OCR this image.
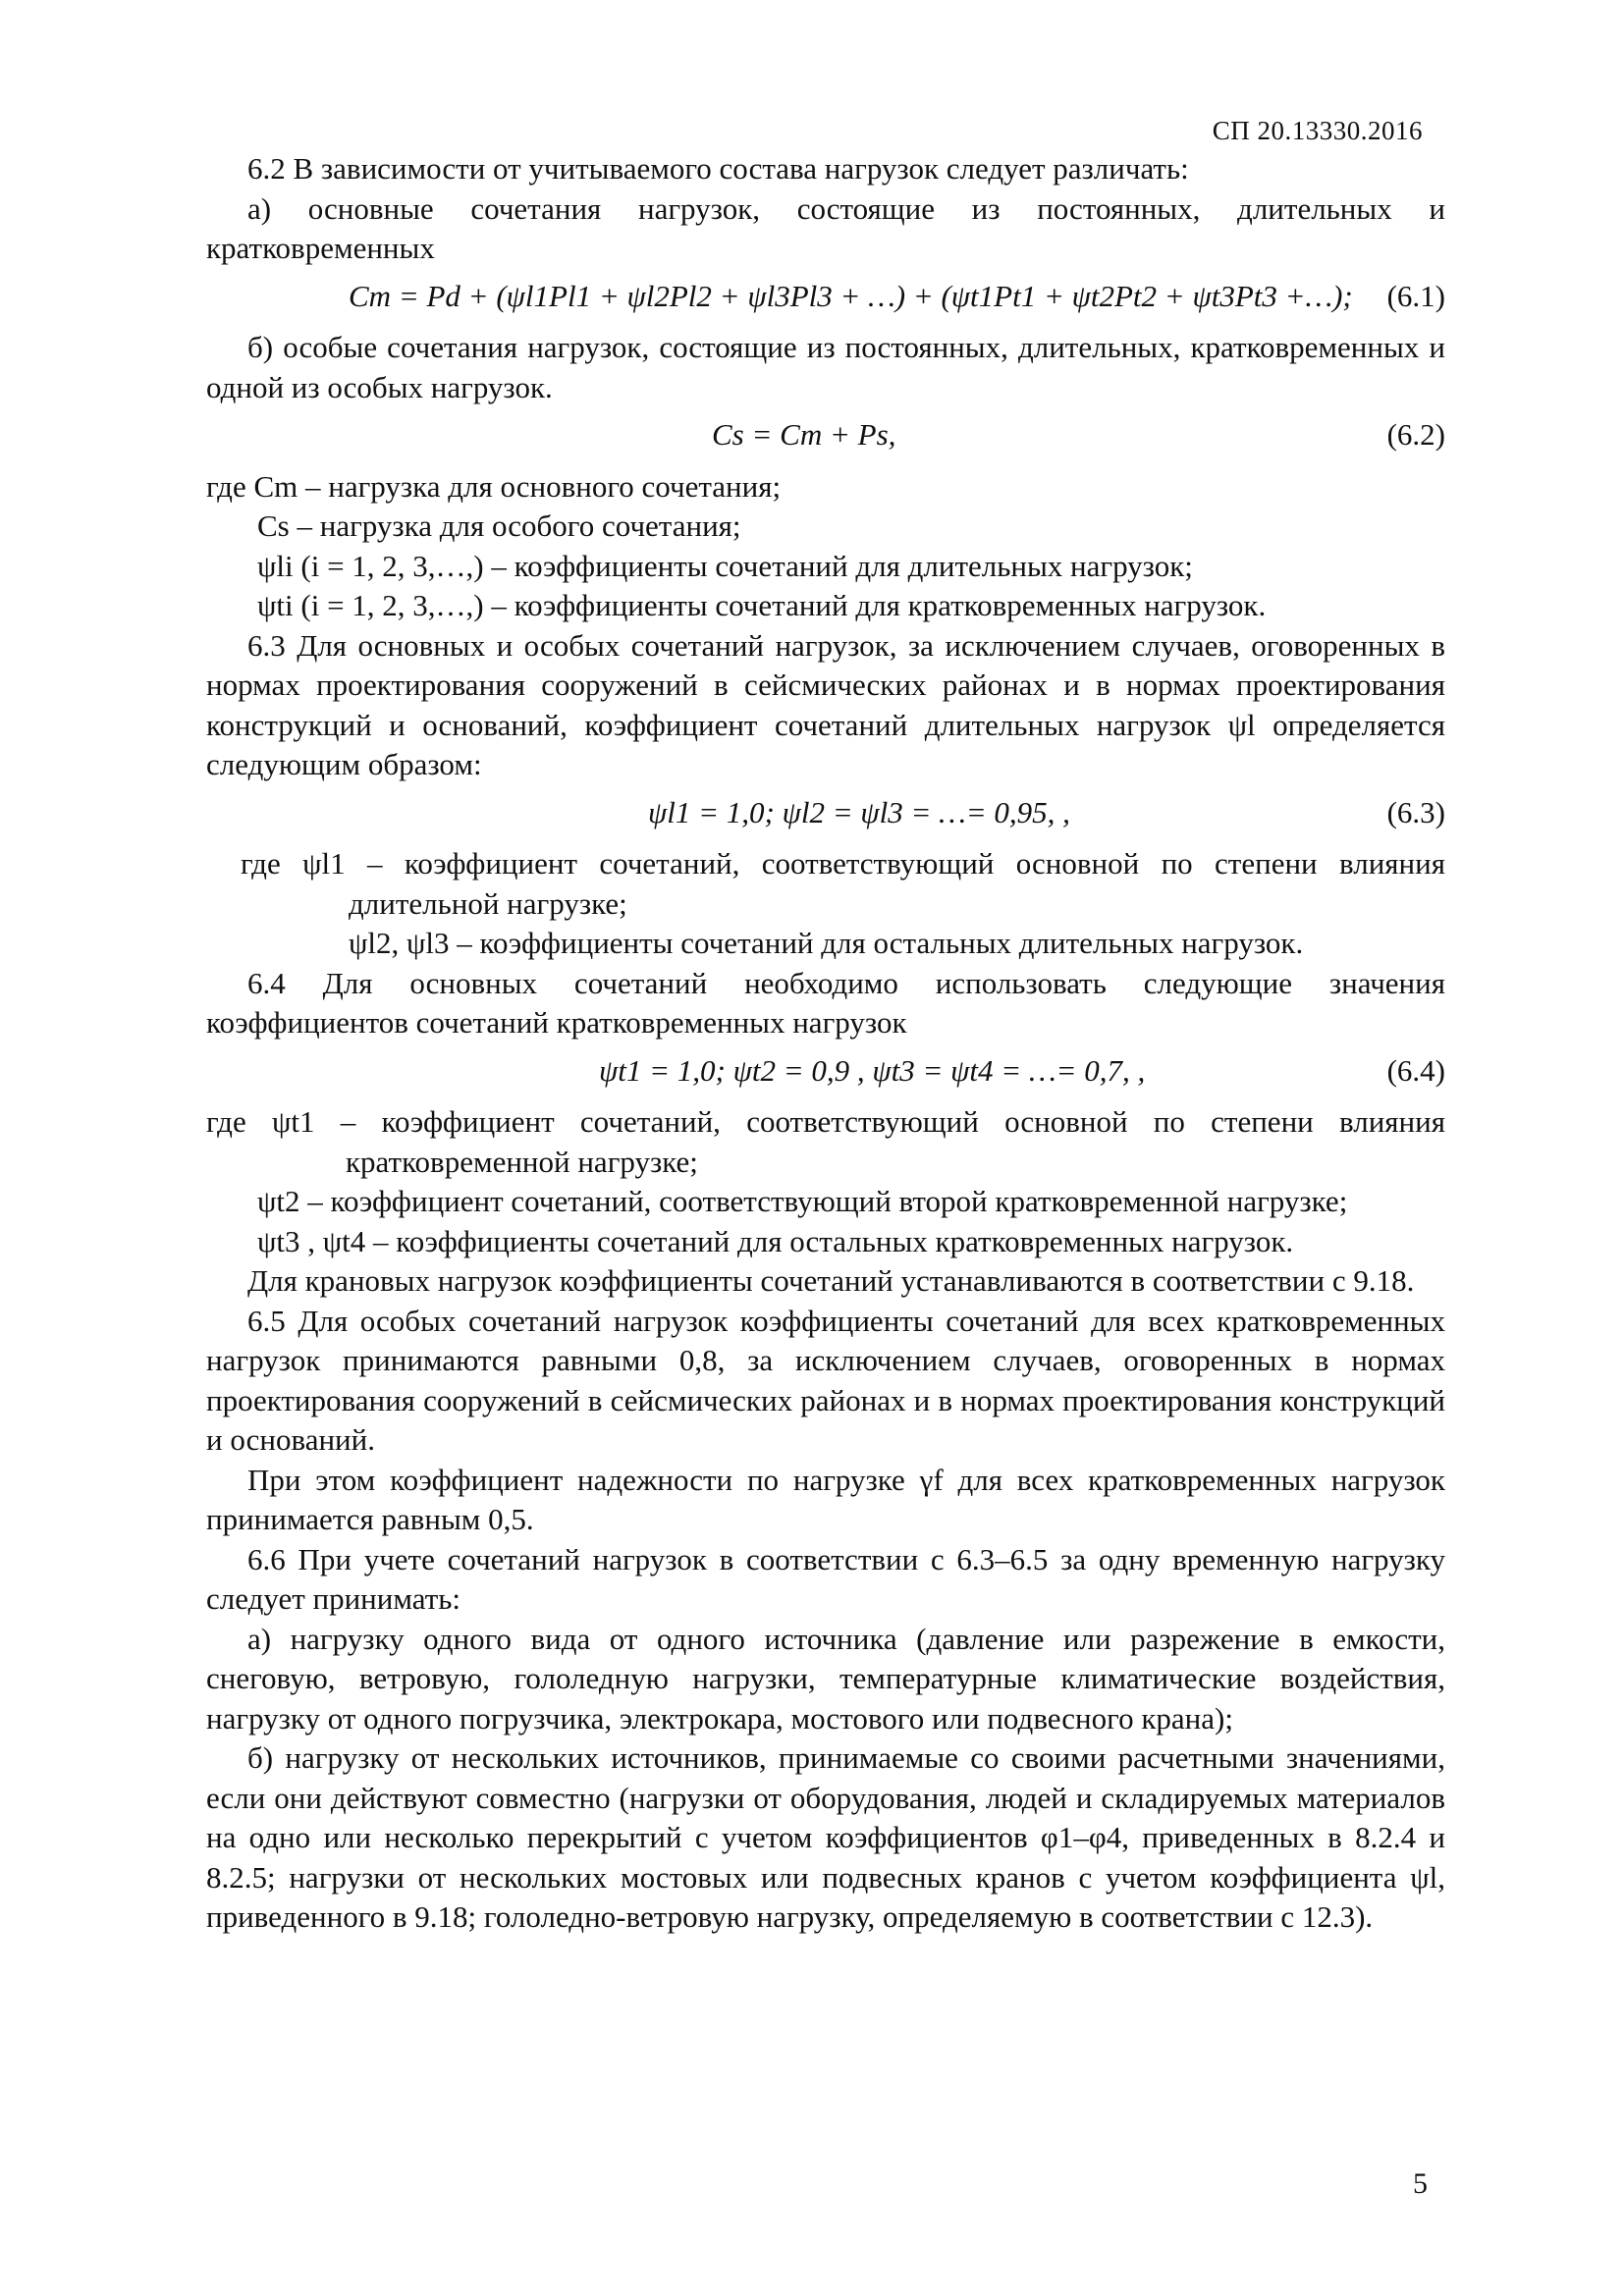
СП 20.13330.2016

6.2 В зависимости от учитываемого состава нагрузок следует различать:

а) основные сочетания нагрузок, состоящие из постоянных, длительных и кратковременных

Cm = Pd + (ψl1Pl1 + ψl2Pl2 + ψl3Pl3 + …) + (ψt1Pt1 + ψt2Pt2 + ψt3Pt3 +…);	(6.1)

б) особые сочетания нагрузок, состоящие из постоянных, длительных, кратковременных и одной из особых нагрузок.

Cs = Cm + Ps,	(6.2)

где Cm – нагрузка для основного сочетания;

Cs – нагрузка для особого сочетания;

ψli (i = 1, 2, 3,…,) – коэффициенты сочетаний для длительных нагрузок;

ψti (i = 1, 2, 3,…,) – коэффициенты сочетаний для кратковременных нагрузок.

6.3 Для основных и особых сочетаний нагрузок, за исключением случаев, оговоренных в нормах проектирования сооружений в сейсмических районах и в нормах проектирования конструкций и оснований, коэффициент сочетаний длительных нагрузок ψl определяется следующим образом:

ψl1 = 1,0; ψl2 = ψl3 = …= 0,95, ,	(6.3)

где ψl1 – коэффициент сочетаний, соответствующий основной по степени влияния длительной нагрузке;

ψl2, ψl3 – коэффициенты сочетаний для остальных длительных нагрузок.

6.4 Для основных сочетаний необходимо использовать следующие значения коэффициентов сочетаний кратковременных нагрузок

ψt1 = 1,0; ψt2 = 0,9 , ψt3 = ψt4 = …= 0,7, ,	(6.4)

где ψt1 – коэффициент сочетаний, соответствующий основной по степени влияния кратковременной нагрузке;

ψt2 – коэффициент сочетаний, соответствующий второй кратковременной нагрузке;

ψt3 , ψt4 – коэффициенты сочетаний для остальных кратковременных нагрузок.

Для крановых нагрузок коэффициенты сочетаний устанавливаются в соответствии с 9.18.

6.5 Для особых сочетаний нагрузок коэффициенты сочетаний для всех кратковременных нагрузок принимаются равными 0,8, за исключением случаев, оговоренных в нормах проектирования сооружений в сейсмических районах и в нормах проектирования конструкций и оснований.

При этом коэффициент надежности по нагрузке γf для всех кратковременных нагрузок принимается равным 0,5.

6.6 При учете сочетаний нагрузок в соответствии с 6.3–6.5 за одну временную нагрузку следует принимать:

а) нагрузку одного вида от одного источника (давление или разрежение в емкости, снеговую, ветровую, гололедную нагрузки, температурные климатические воздействия, нагрузку от одного погрузчика, электрокара, мостового или подвесного крана);

б) нагрузку от нескольких источников, принимаемые со своими расчетными значениями, если они действуют совместно (нагрузки от оборудования, людей и складируемых материалов на одно или несколько перекрытий с учетом коэффициентов φ1–φ4, приведенных в 8.2.4 и 8.2.5; нагрузки от нескольких мостовых или подвесных кранов с учетом коэффициента ψl, приведенного в 9.18; гололедно-ветровую нагрузку, определяемую в соответствии с 12.3).

5
